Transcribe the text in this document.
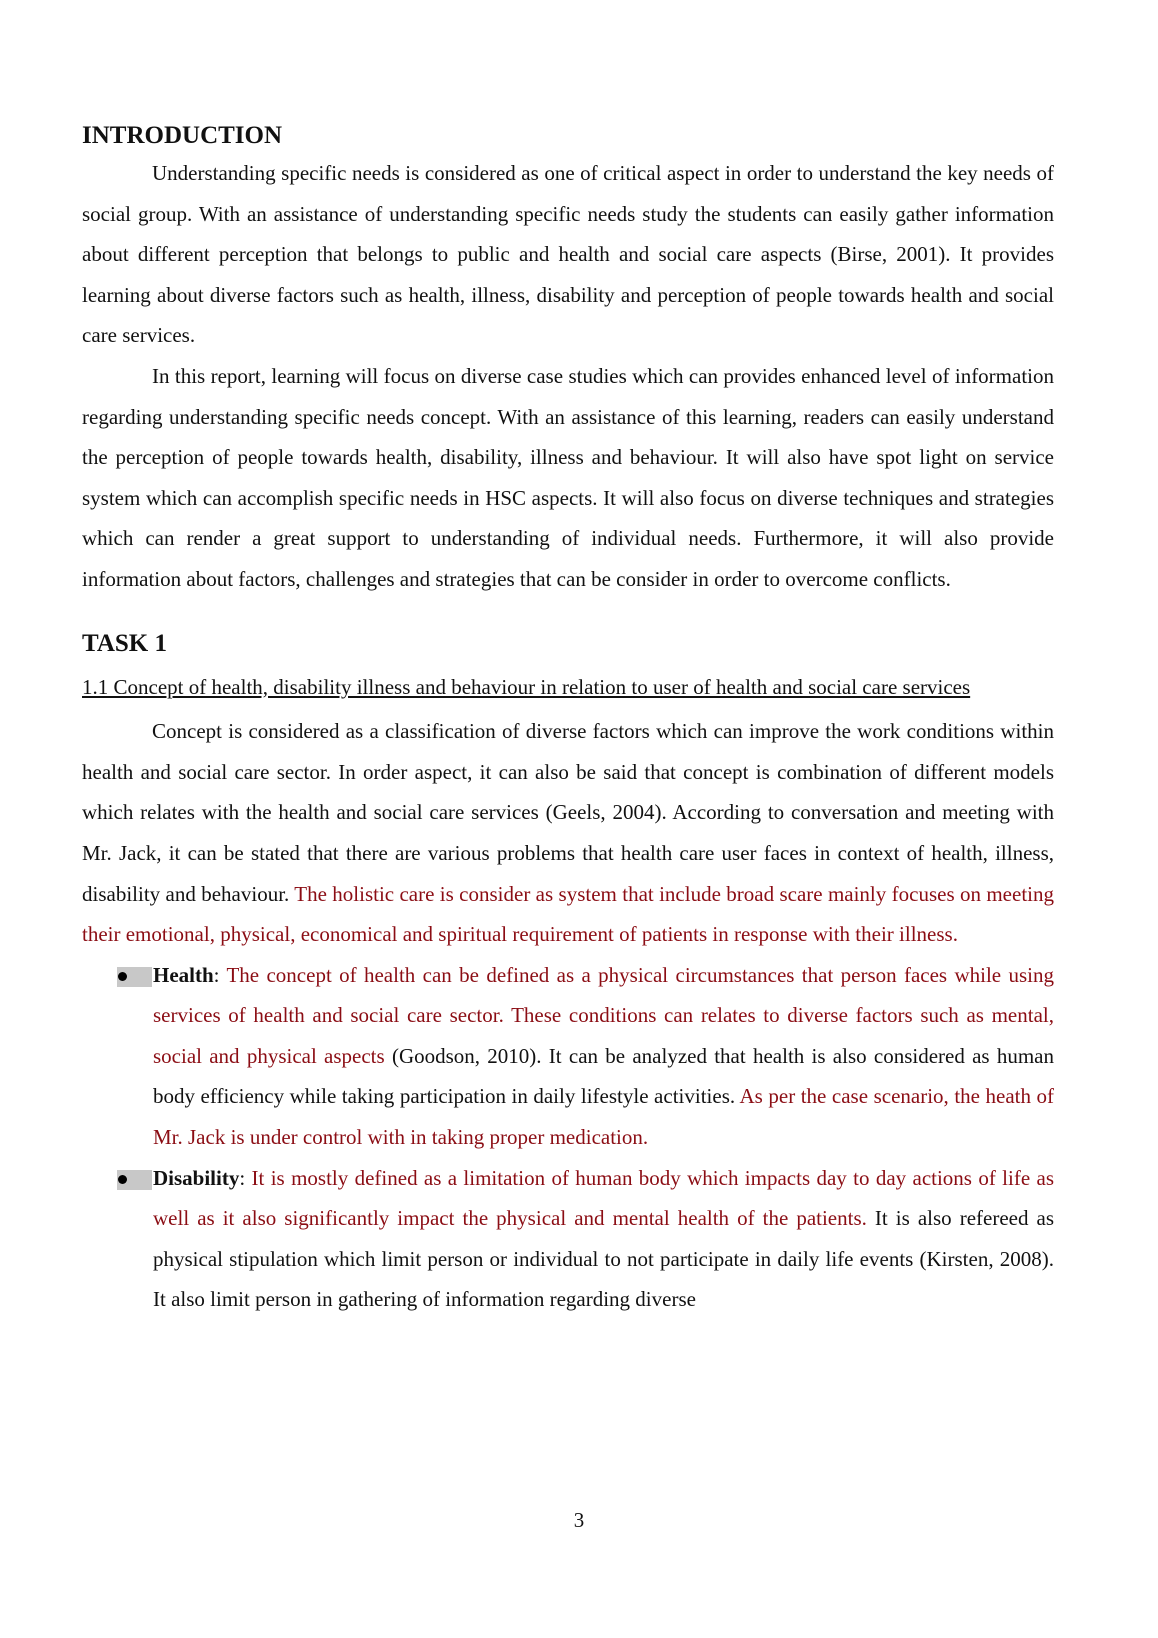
INTRODUCTION

Understanding specific needs is considered as one of critical aspect in order to understand the key needs of social group. With an assistance of understanding specific needs study the students can easily gather information about different perception that belongs to public and health and social care aspects (Birse, 2001). It provides learning about diverse factors such as health, illness, disability and perception of people towards health and social care services.

In this report, learning will focus on diverse case studies which can provides enhanced level of information regarding understanding specific needs concept. With an assistance of this learning, readers can easily understand the perception of people towards health, disability, illness and behaviour. It will also have spot light on service system which can accomplish specific needs in HSC aspects. It will also focus on diverse techniques and strategies which can render a great support to understanding of individual needs. Furthermore, it will also provide information about factors, challenges and strategies that can be consider in order to overcome conflicts.

TASK 1

1.1 Concept of health, disability illness and behaviour in relation to user of health and social care services

Concept is considered as a classification of diverse factors which can improve the work conditions within health and social care sector. In order aspect, it can also be said that concept is combination of different models which relates with the health and social care services (Geels, 2004). According to conversation and meeting with Mr. Jack, it can be stated that there are various problems that health care user faces in context of health, illness, disability and behaviour. The holistic care is consider as system that include broad scare mainly focuses on meeting their emotional, physical, economical and spiritual requirement of patients in response with their illness.

Health: The concept of health can be defined as a physical circumstances that person faces while using services of health and social care sector. These conditions can relates to diverse factors such as mental, social and physical aspects (Goodson, 2010). It can be analyzed that health is also considered as human body efficiency while taking participation in daily lifestyle activities. As per the case scenario, the heath of Mr. Jack is under control with in taking proper medication.
Disability: It is mostly defined as a limitation of human body which impacts day to day actions of life as well as it also significantly impact the physical and mental health of the patients. It is also refereed as physical stipulation which limit person or individual to not participate in daily life events (Kirsten, 2008). It also limit person in gathering of information regarding diverse
3
